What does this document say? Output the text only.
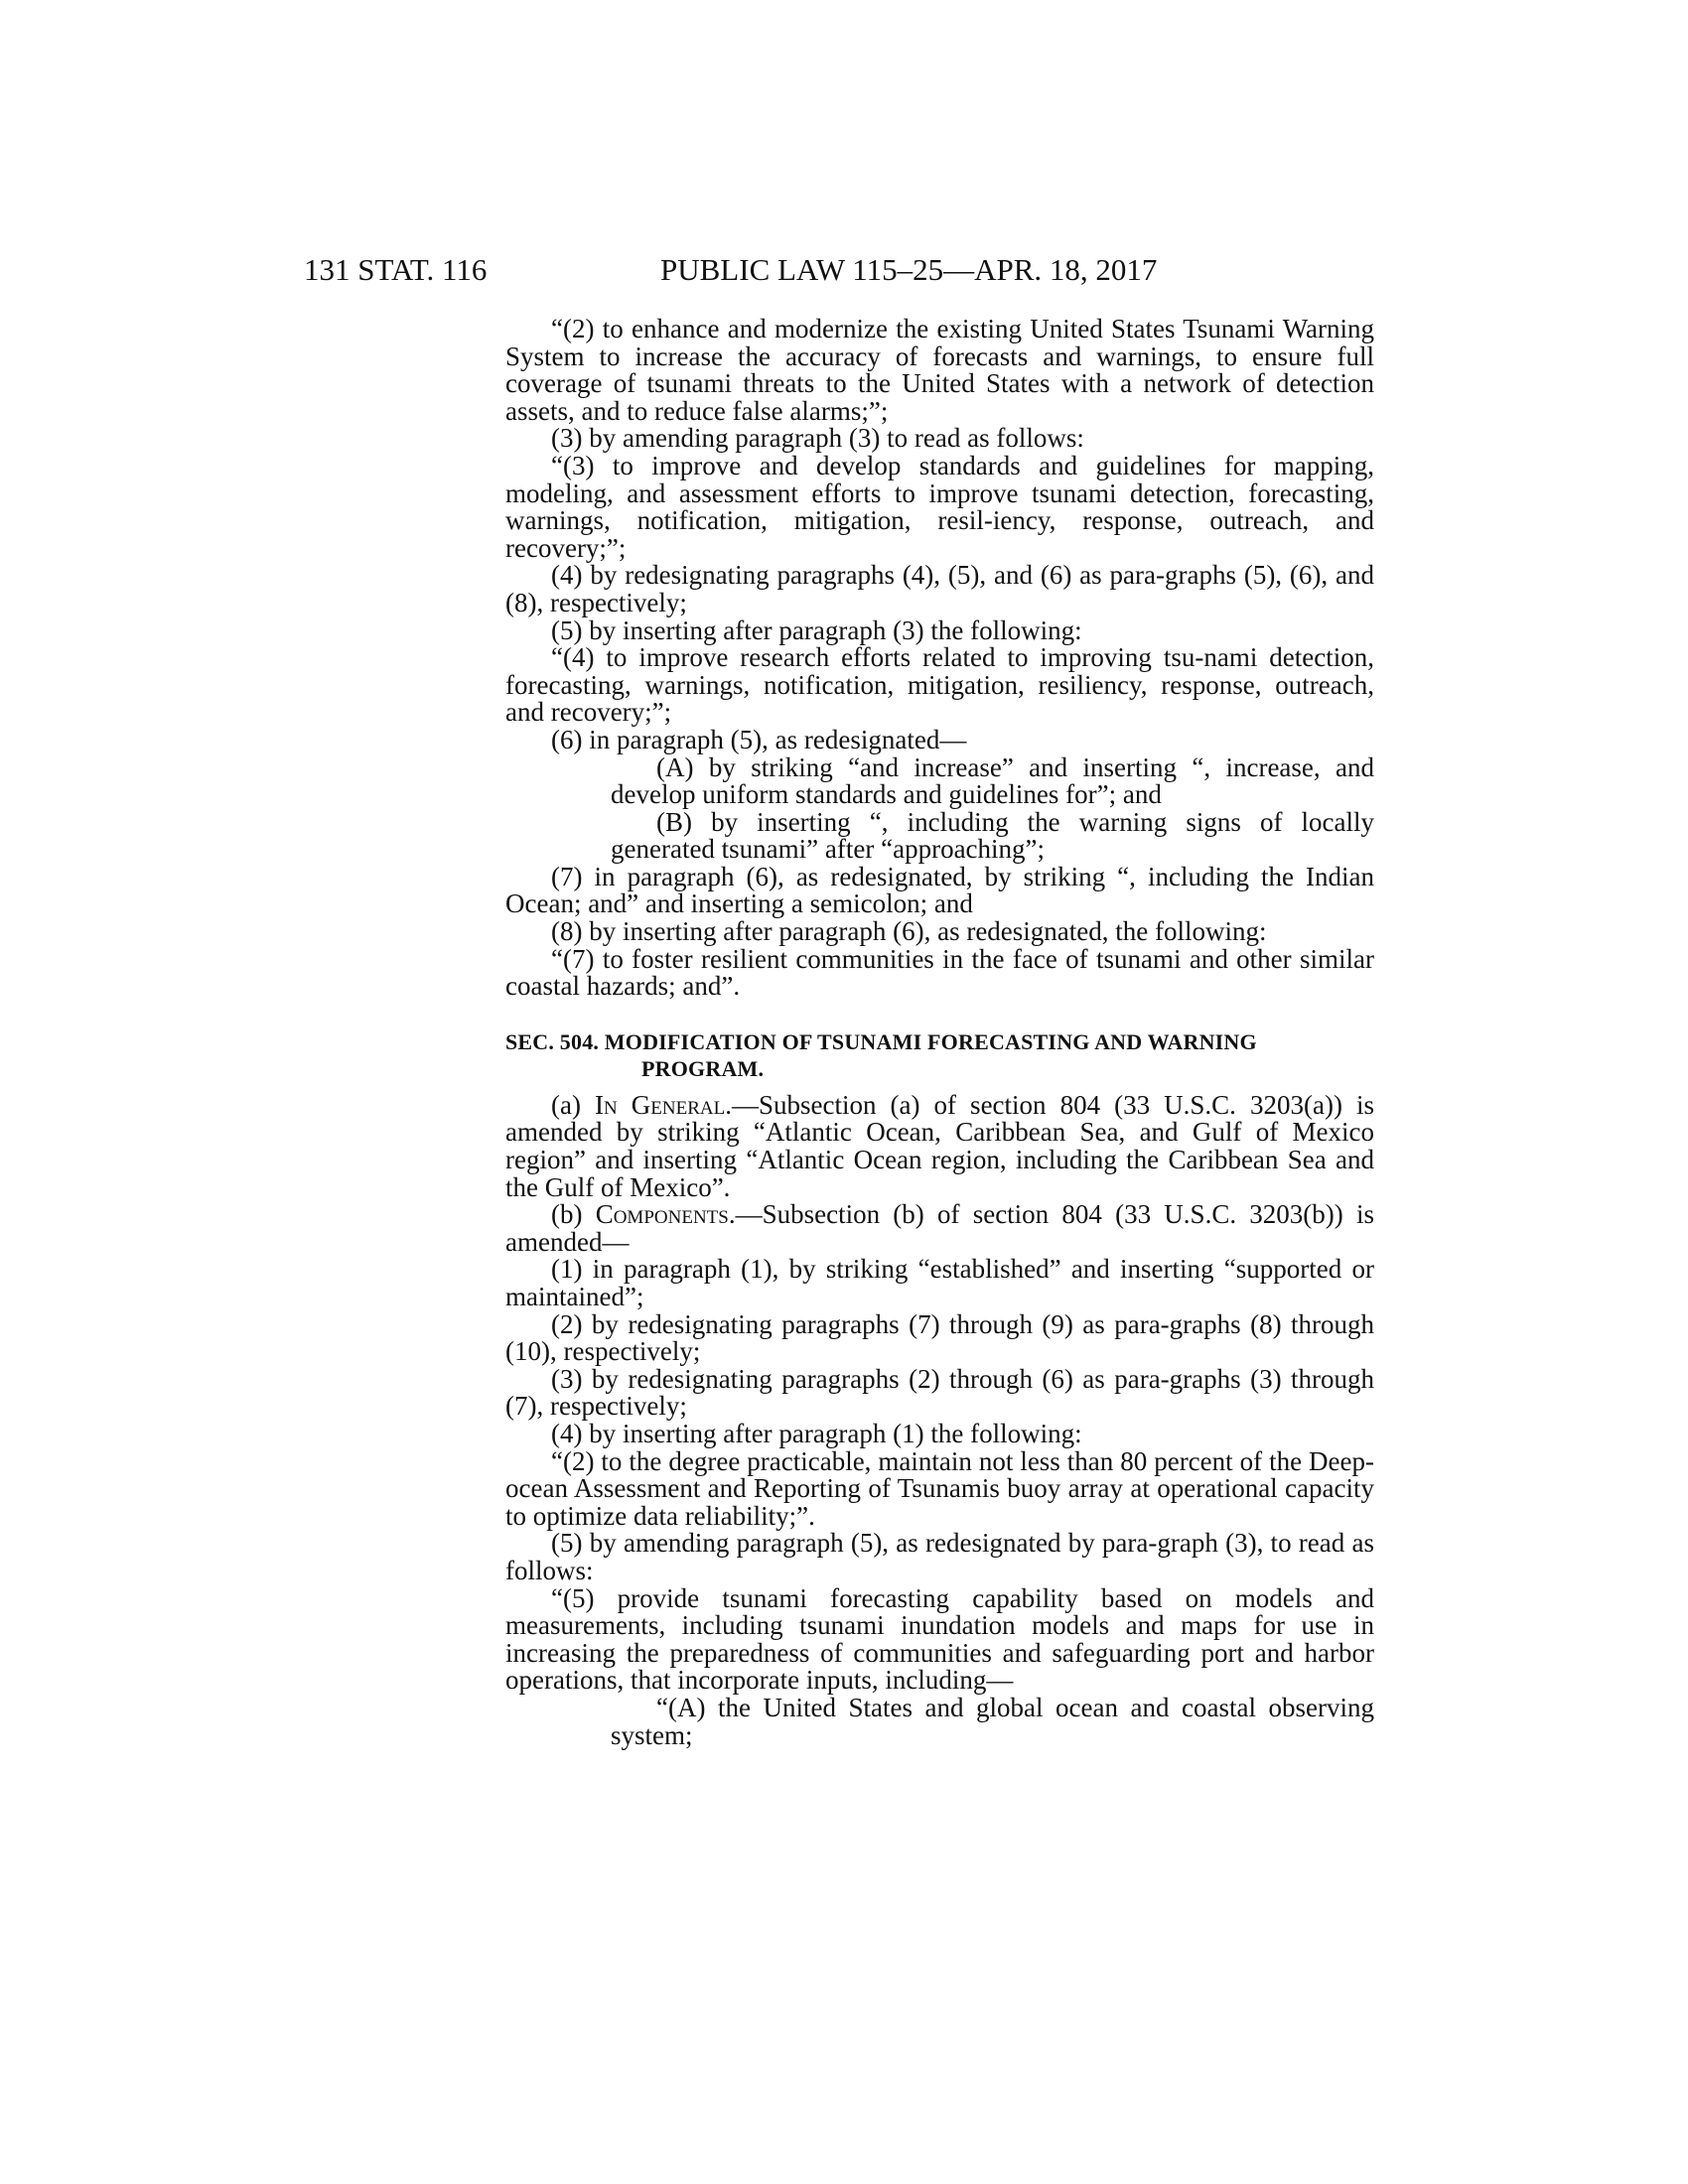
131 STAT. 116	PUBLIC LAW 115–25—APR. 18, 2017

“(2) to enhance and modernize the existing United States Tsunami Warning System to increase the accuracy of forecasts and warnings, to ensure full coverage of tsunami threats to the United States with a network of detection assets, and to reduce false alarms;”;

(3) by amending paragraph (3) to read as follows:

“(3) to improve and develop standards and guidelines for mapping, modeling, and assessment efforts to improve tsunami detection, forecasting, warnings, notification, mitigation, resil-iency, response, outreach, and recovery;”;

(4) by redesignating paragraphs (4), (5), and (6) as para-graphs (5), (6), and (8), respectively;

(5) by inserting after paragraph (3) the following:

“(4) to improve research efforts related to improving tsu-nami detection, forecasting, warnings, notification, mitigation, resiliency, response, outreach, and recovery;”;

(6) in paragraph (5), as redesignated—

(A) by striking “and increase” and inserting “, increase, and develop uniform standards and guidelines for”; and

(B) by inserting “, including the warning signs of locally generated tsunami” after “approaching”;

(7) in paragraph (6), as redesignated, by striking “, including the Indian Ocean; and” and inserting a semicolon; and

(8) by inserting after paragraph (6), as redesignated, the following:

“(7) to foster resilient communities in the face of tsunami and other similar coastal hazards; and”.

SEC. 504. MODIFICATION OF TSUNAMI FORECASTING AND WARNING PROGRAM.

(a) In General.—Subsection (a) of section 804 (33 U.S.C. 3203(a)) is amended by striking “Atlantic Ocean, Caribbean Sea, and Gulf of Mexico region” and inserting “Atlantic Ocean region, including the Caribbean Sea and the Gulf of Mexico”.

(b) Components.—Subsection (b) of section 804 (33 U.S.C. 3203(b)) is amended—

(1) in paragraph (1), by striking “established” and inserting “supported or maintained”;

(2) by redesignating paragraphs (7) through (9) as para-graphs (8) through (10), respectively;

(3) by redesignating paragraphs (2) through (6) as para-graphs (3) through (7), respectively;

(4) by inserting after paragraph (1) the following:

“(2) to the degree practicable, maintain not less than 80 percent of the Deep-ocean Assessment and Reporting of Tsunamis buoy array at operational capacity to optimize data reliability;”.

(5) by amending paragraph (5), as redesignated by para-graph (3), to read as follows:

“(5) provide tsunami forecasting capability based on models and measurements, including tsunami inundation models and maps for use in increasing the preparedness of communities and safeguarding port and harbor operations, that incorporate inputs, including—

“(A) the United States and global ocean and coastal observing system;
